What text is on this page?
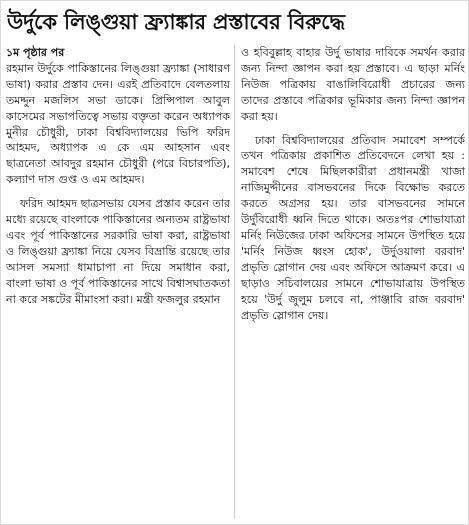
উর্দুকে লিঙ্গুয়া ফ্র্যাঙ্কার প্রস্তাবের বিরুদ্ধে
১ম পৃষ্ঠার পর

রহমান উর্দুকে পাকিস্তানের লিঙ্গুয়া ফ্র্যাঙ্কা (সাধারণ ভাষা) করার প্রস্তাব দেন। এরই প্রতিবাদে বেলতলায় তমদ্দুন মজলিস সভা ডাকে। প্রিন্সিপাল আবুল কাসেমের সভাপতিত্বে সভায় বক্তৃতা করেন অধ্যাপক মুনীর চৌধুরী, ঢাকা বিশ্ববিদ্যালয়ের ভিপি ফরিদ আহমদ, অধ্যাপক এ কে এম আহসান এবং ছাত্রনেতা আবদুর রহমান চৌধুরী (পরে বিচারপতি), কল্যাণ দাস গুপ্ত ও এম আহমদ।

ফরিদ আহমদ ছাত্রসভায় যেসব প্রস্তাব করেন তার মধ্যে রয়েছে বাংলাকে পাকিস্তানের অন্যতম রাষ্ট্রভাষা এবং পূর্ব পাকিস্তানের সরকারি ভাষা করা, রাষ্ট্রভাষা ও লিঙ্গুয়া ফ্র্যাঙ্কা নিয়ে যেসব বিভ্রান্তি রয়েছে তার আসল সমস্যা ধামাচাপা না দিয়ে সমাধান করা, বাংলা ভাষা ও পূর্ব পাকিস্তানের সাথে বিশ্বাসঘাতকতা না করে সঙ্কটের মীমাংসা করা। মন্ত্রী ফজলুর রহমান

ও হবিবুল্লাহ বাহার উর্দু ভাষার দাবিকে সমর্থন করার জন্য নিন্দা জ্ঞাপন করা হয় প্রস্তাবে। এ ছাড়া মর্নিং নিউজ পত্রিকায় বাঙালিবিরোধী প্রচারের জন্য তাদের প্রস্তাবে পত্রিকার ভূমিকার জন্য নিন্দা জ্ঞাপন করা হয়।

ঢাকা বিশ্ববিদ্যালয়ের প্রতিবাদ সমাবেশ সম্পর্কে তখন পত্রিকায় প্রকাশিত প্রতিবেদনে লেখা হয় : সমাবেশ শেষে মিছিলকারীরা প্রধানমন্ত্রী খাজা নাজিমুদ্দীনের বাসভবনের দিকে বিক্ষোভ করতে করতে অগ্রসর হয়। তার বাসভবনের সামনে উর্দুবিরোধী ধ্বনি দিতে থাকে। অতঃপর শোভাযাত্রা মর্নিং নিউজের ঢাকা অফিসের সামনে উপস্থিত হয়ে 'মর্নিং নিউজ ধ্বংস হোক', উর্দুওয়ালা বরবাদ' প্রভৃতি স্লোগান দেয় এবং অফিসে আক্রমণ করে। এ ছাড়াও সচিবালয়ের সামনে শোভাযাত্রায় উপস্থিত হয়ে 'উর্দু জুলুম চলবে না, পাঞ্জাবি রাজ বরবাদ' প্রভৃতি স্লোগান দেয়।
